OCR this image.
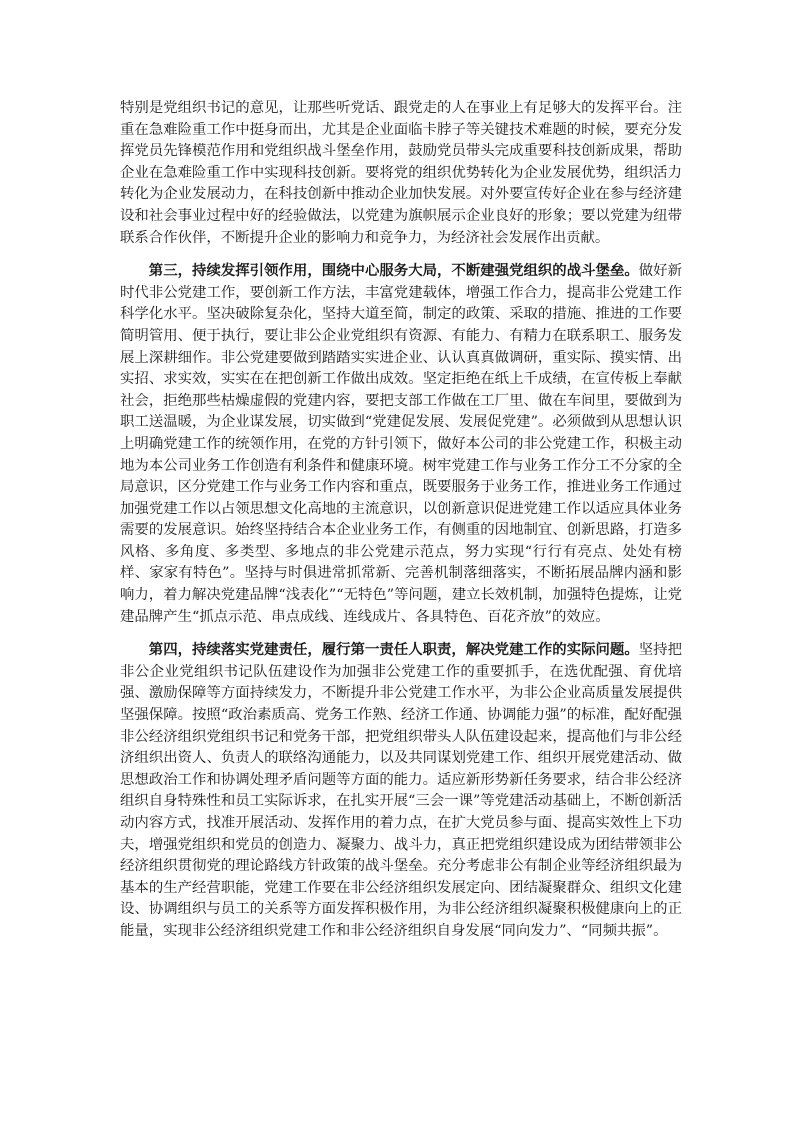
特别是党组织书记的意见，让那些听党话、跟党走的人在事业上有足够大的发挥平台。注重在急难险重工作中挺身而出，尤其是企业面临卡脖子等关键技术难题的时候，要充分发挥党员先锋模范作用和党组织战斗堡垒作用，鼓励党员带头完成重要科技创新成果，帮助企业在急难险重工作中实现科技创新。要将党的组织优势转化为企业发展优势，组织活力转化为企业发展动力，在科技创新中推动企业加快发展。对外要宣传好企业在参与经济建设和社会事业过程中好的经验做法，以党建为旗帜展示企业良好的形象；要以党建为纽带联系合作伙伴，不断提升企业的影响力和竞争力，为经济社会发展作出贡献。

第三，持续发挥引领作用，围绕中心服务大局，不断建强党组织的战斗堡垒。做好新时代非公党建工作，要创新工作方法，丰富党建载体，增强工作合力，提高非公党建工作科学化水平。坚决破除复杂化，坚持大道至简，制定的政策、采取的措施、推进的工作要简明管用、便于执行，要让非公企业党组织有资源、有能力、有精力在联系职工、服务发展上深耕细作。非公党建要做到踏踏实实进企业、认认真真做调研，重实际、摸实情、出实招、求实效，实实在在把创新工作做出成效。坚定拒绝在纸上千成绩，在宣传板上奉献社会，拒绝那些枯燥虚假的党建内容，要把支部工作做在工厂里、做在车间里，要做到为职工送温暖，为企业谋发展，切实做到“党建促发展、发展促党建”。必须做到从思想认识上明确党建工作的统领作用，在党的方针引领下，做好本公司的非公党建工作，积极主动地为本公司业务工作创造有利条件和健康环境。树牢党建工作与业务工作分工不分家的全局意识，区分党建工作与业务工作内容和重点，既要服务于业务工作，推进业务工作通过加强党建工作以占领思想文化高地的主流意识，以创新意识促进党建工作以适应具体业务需要的发展意识。始终坚持结合本企业业务工作，有侧重的因地制宜、创新思路，打造多风格、多角度、多类型、多地点的非公党建示范点，努力实现“行行有亮点、处处有榜样、家家有特色”。坚持与时俱进常抓常新、完善机制落细落实，不断拓展品牌内涵和影响力，着力解决党建品牌“浅表化”“无特色”等问题，建立长效机制，加强特色提炼，让党建品牌产生“抓点示范、串点成线、连线成片、各具特色、百花齐放”的效应。

第四，持续落实党建责任，履行第一责任人职责，解决党建工作的实际问题。坚持把非公企业党组织书记队伍建设作为加强非公党建工作的重要抓手，在选优配强、育优培强、激励保障等方面持续发力，不断提升非公党建工作水平，为非公企业高质量发展提供坚强保障。按照“政治素质高、党务工作熟、经济工作通、协调能力强”的标准，配好配强非公经济组织党组织书记和党务干部，把党组织带头人队伍建设起来，提高他们与非公经济组织出资人、负责人的联络沟通能力，以及共同谋划党建工作、组织开展党建活动、做思想政治工作和协调处理矛盾问题等方面的能力。适应新形势新任务要求，结合非公经济组织自身特殊性和员工实际诉求，在扎实开展“三会一课”等党建活动基础上，不断创新活动内容方式，找准开展活动、发挥作用的着力点，在扩大党员参与面、提高实效性上下功夫，增强党组织和党员的创造力、凝聚力、战斗力，真正把党组织建设成为团结带领非公经济组织贯彻党的理论路线方针政策的战斗堡垒。充分考虑非公有制企业等经济组织最为基本的生产经营职能，党建工作要在非公经济组织发展定向、团结凝聚群众、组织文化建设、协调组织与员工的关系等方面发挥积极作用，为非公经济组织凝聚积极健康向上的正能量，实现非公经济组织党建工作和非公经济组织自身发展“同向发力”、“同频共振”。
